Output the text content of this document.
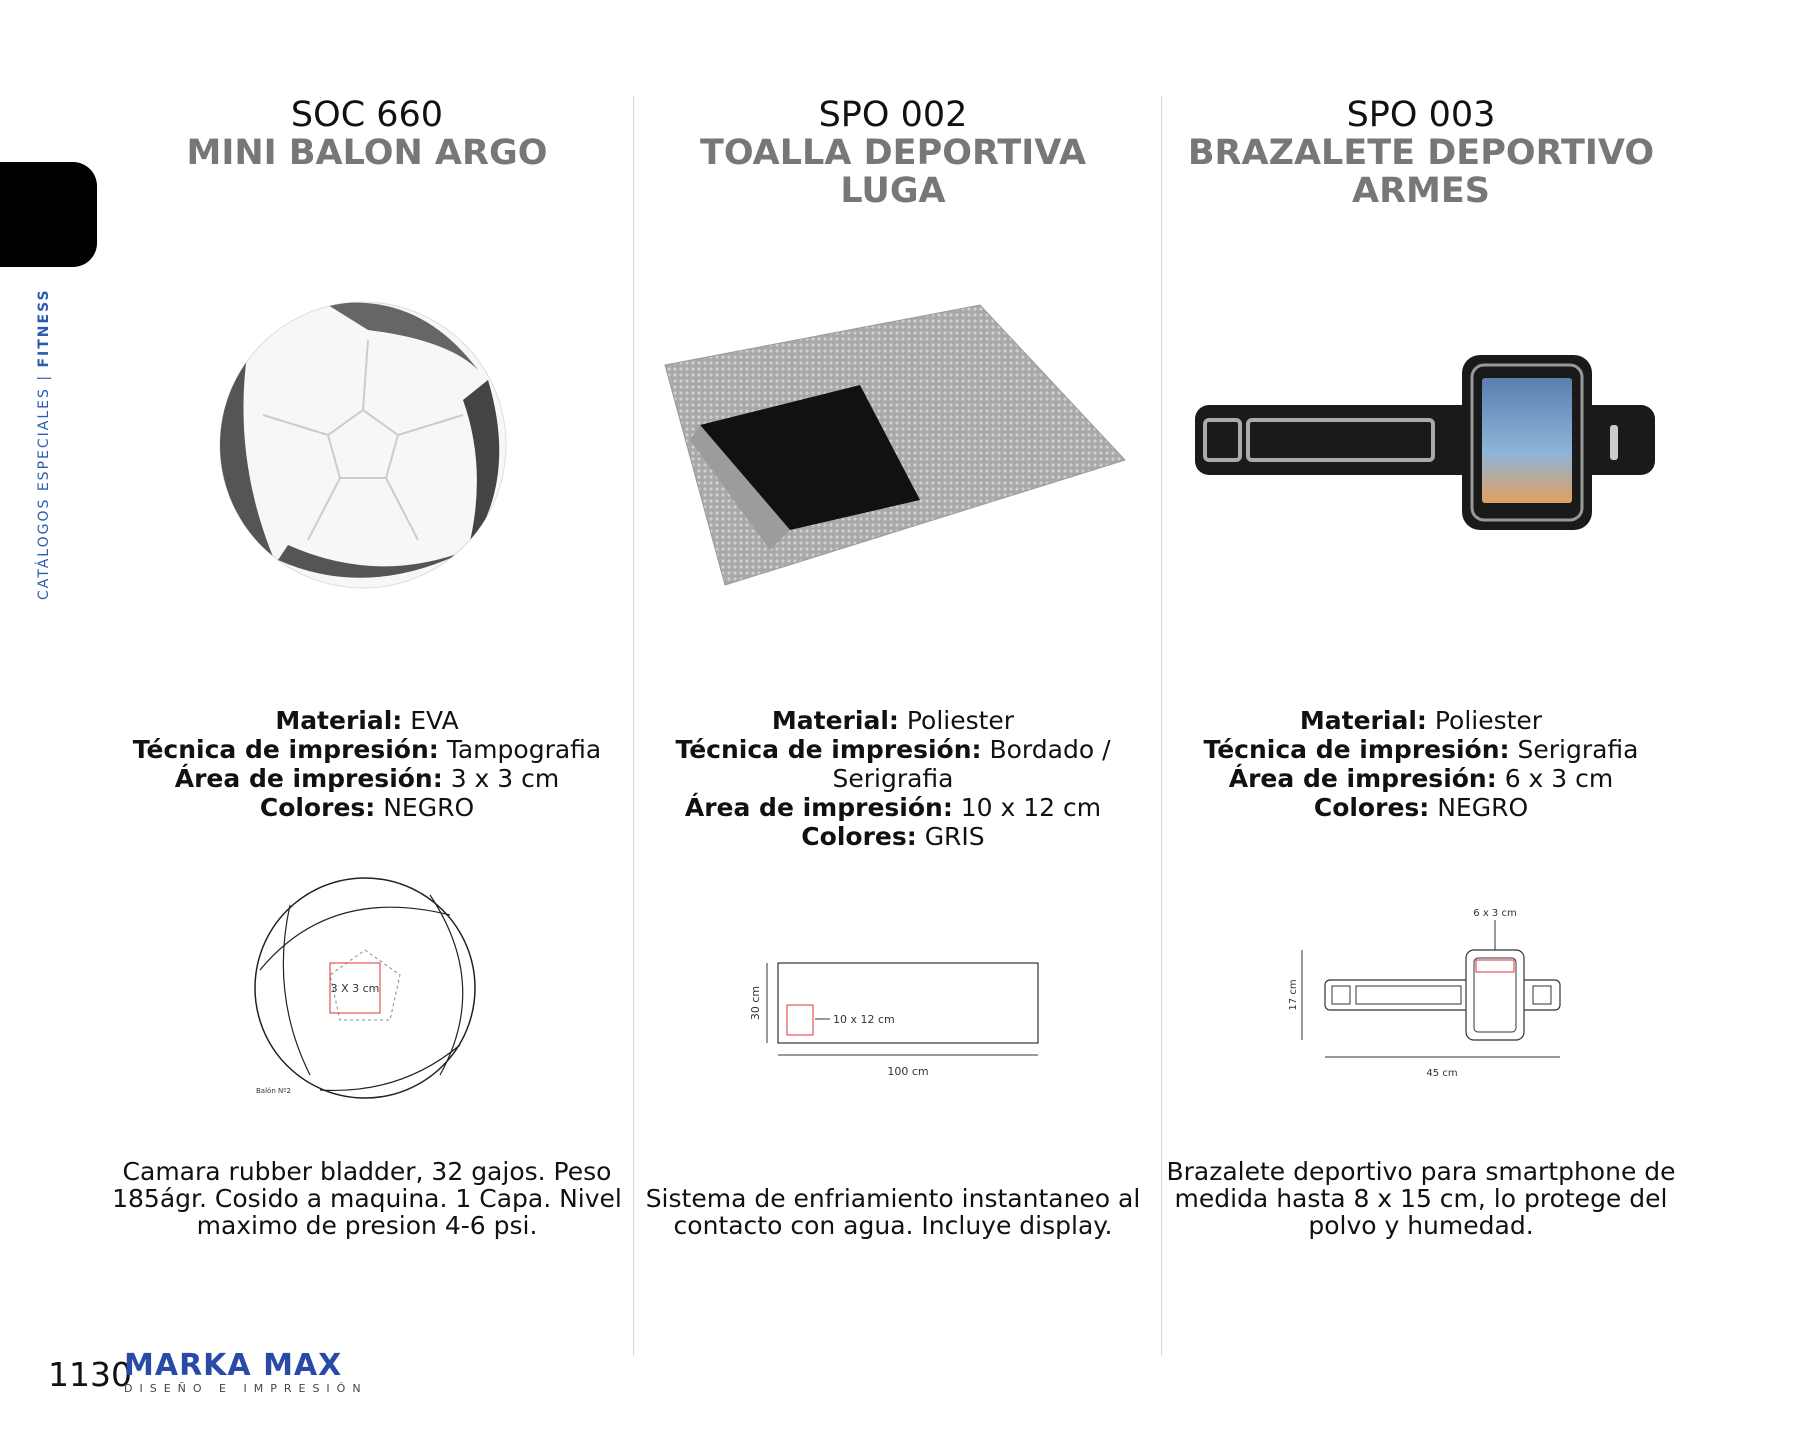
CATÁLOGOS ESPECIALES | FITNESS
SOC 660
MINI BALON ARGO
Material: EVA
Técnica de impresión: Tampografia
Área de impresión: 3 x 3 cm
Colores: NEGRO
3 X 3 cm
Balón Nº2
Camara rubber bladder, 32 gajos. Peso 185ágr. Cosido a maquina. 1 Capa. Nivel maximo de presion 4-6 psi.
SPO 002
TOALLA DEPORTIVA
LUGA
Material: Poliester
Técnica de impresión: Bordado / Serigrafia
Área de impresión: 10 x 12 cm
Colores: GRIS
10 x 12 cm
30 cm
100 cm
Sistema de enfriamiento instantaneo al contacto con agua. Incluye display.
SPO 003
BRAZALETE DEPORTIVO
ARMES
Material: Poliester
Técnica de impresión: Serigrafia
Área de impresión: 6 x 3 cm
Colores: NEGRO
6 x 3 cm
17 cm
45 cm
Brazalete deportivo para smartphone de medida hasta 8 x 15 cm, lo protege del polvo y humedad.
1130
MARKA MAX
DISEÑO E IMPRESIÓN
